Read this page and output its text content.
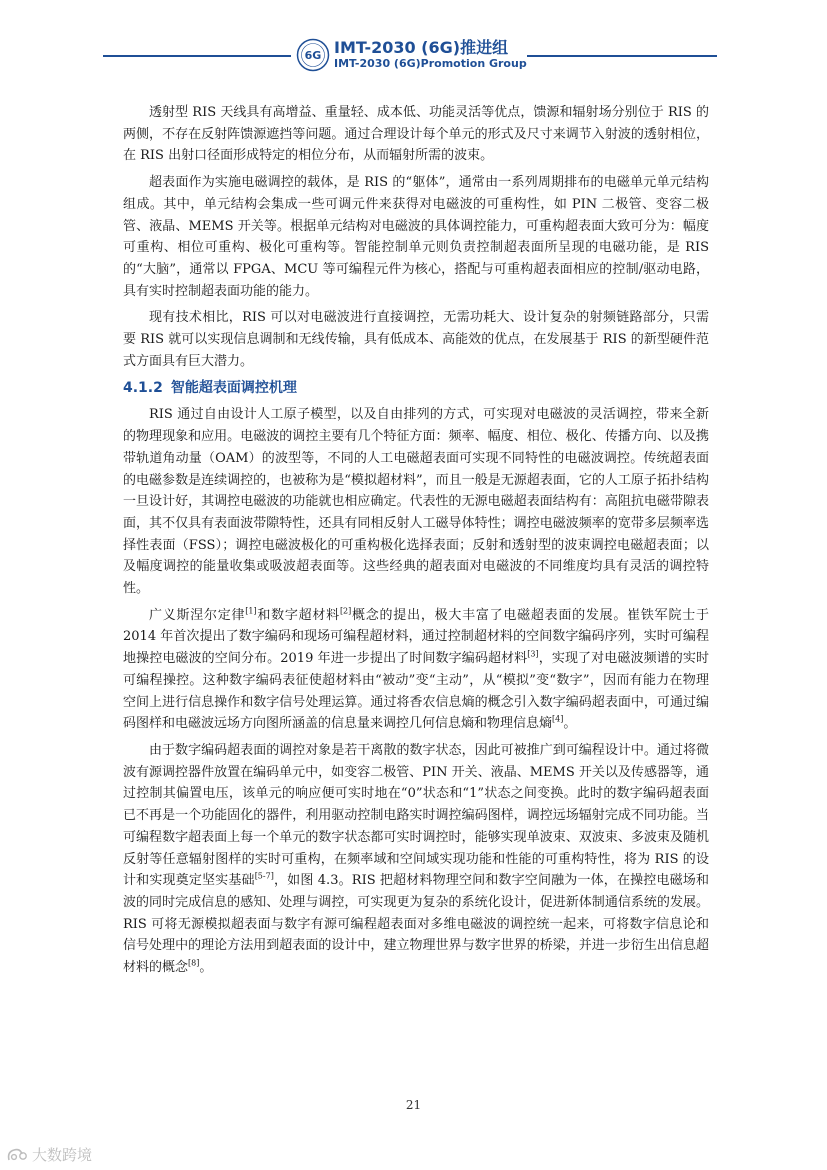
6G IMT-2030 (6G)推进组
IMT-2030 (6G)Promotion Group

透射型 RIS 天线具有高增益、重量轻、成本低、功能灵活等优点，馈源和辐射场分别位于 RIS 的两侧，不存在反射阵馈源遮挡等问题。通过合理设计每个单元的形式及尺寸来调节入射波的透射相位，在 RIS 出射口径面形成特定的相位分布，从而辐射所需的波束。

超表面作为实施电磁调控的载体，是 RIS 的“躯体”，通常由一系列周期排布的电磁单元单元结构组成。其中，单元结构会集成一些可调元件来获得对电磁波的可重构性，如 PIN 二极管、变容二极管、液晶、MEMS 开关等。根据单元结构对电磁波的具体调控能力，可重构超表面大致可分为：幅度可重构、相位可重构、极化可重构等。智能控制单元则负责控制超表面所呈现的电磁功能，是 RIS 的“大脑”，通常以 FPGA、MCU 等可编程元件为核心，搭配与可重构超表面相应的控制/驱动电路，具有实时控制超表面功能的能力。

现有技术相比，RIS 可以对电磁波进行直接调控，无需功耗大、设计复杂的射频链路部分，只需要 RIS 就可以实现信息调制和无线传输，具有低成本、高能效的优点，在发展基于 RIS 的新型硬件范式方面具有巨大潜力。

4.1.2 智能超表面调控机理

RIS 通过自由设计人工原子模型，以及自由排列的方式，可实现对电磁波的灵活调控，带来全新的物理现象和应用。电磁波的调控主要有几个特征方面：频率、幅度、相位、极化、传播方向、以及携带轨道角动量（OAM）的波型等，不同的人工电磁超表面可实现不同特性的电磁波调控。传统超表面的电磁参数是连续调控的，也被称为是“模拟超材料”，而且一般是无源超表面，它的人工原子拓扑结构一旦设计好，其调控电磁波的功能就也相应确定。代表性的无源电磁超表面结构有：高阻抗电磁带隙表面，其不仅具有表面波带隙特性，还具有同相反射人工磁导体特性；调控电磁波频率的宽带多层频率选择性表面（FSS）；调控电磁波极化的可重构极化选择表面；反射和透射型的波束调控电磁超表面；以及幅度调控的能量收集或吸波超表面等。这些经典的超表面对电磁波的不同维度均具有灵活的调控特性。

广义斯涅尔定律[1]和数字超材料[2]概念的提出，极大丰富了电磁超表面的发展。崔铁军院士于 2014 年首次提出了数字编码和现场可编程超材料，通过控制超材料的空间数字编码序列，实时可编程地操控电磁波的空间分布。2019 年进一步提出了时间数字编码超材料[3]，实现了对电磁波频谱的实时可编程操控。这种数字编码表征使超材料由“被动”变“主动”，从“模拟”变“数字”，因而有能力在物理空间上进行信息操作和数字信号处理运算。通过将香农信息熵的概念引入数字编码超表面中，可通过编码图样和电磁波远场方向图所涵盖的信息量来调控几何信息熵和物理信息熵[4]。

由于数字编码超表面的调控对象是若干离散的数字状态，因此可被推广到可编程设计中。通过将微波有源调控器件放置在编码单元中，如变容二极管、PIN 开关、液晶、MEMS 开关以及传感器等，通过控制其偏置电压，该单元的响应便可实时地在“0”状态和“1”状态之间变换。此时的数字编码超表面已不再是一个功能固化的器件，利用驱动控制电路实时调控编码图样，调控远场辐射完成不同功能。当可编程数字超表面上每一个单元的数字状态都可实时调控时，能够实现单波束、双波束、多波束及随机反射等任意辐射图样的实时可重构，在频率域和空间域实现功能和性能的可重构特性，将为 RIS 的设计和实现奠定坚实基础[5-7]，如图 4.3。RIS 把超材料物理空间和数字空间融为一体，在操控电磁场和波的同时完成信息的感知、处理与调控，可实现更为复杂的系统化设计，促进新体制通信系统的发展。RIS 可将无源模拟超表面与数字有源可编程超表面对多维电磁波的调控统一起来，可将数字信息论和信号处理中的理论方法用到超表面的设计中，建立物理世界与数字世界的桥梁，并进一步衍生出信息超材料的概念[8]。

21
大数跨境
